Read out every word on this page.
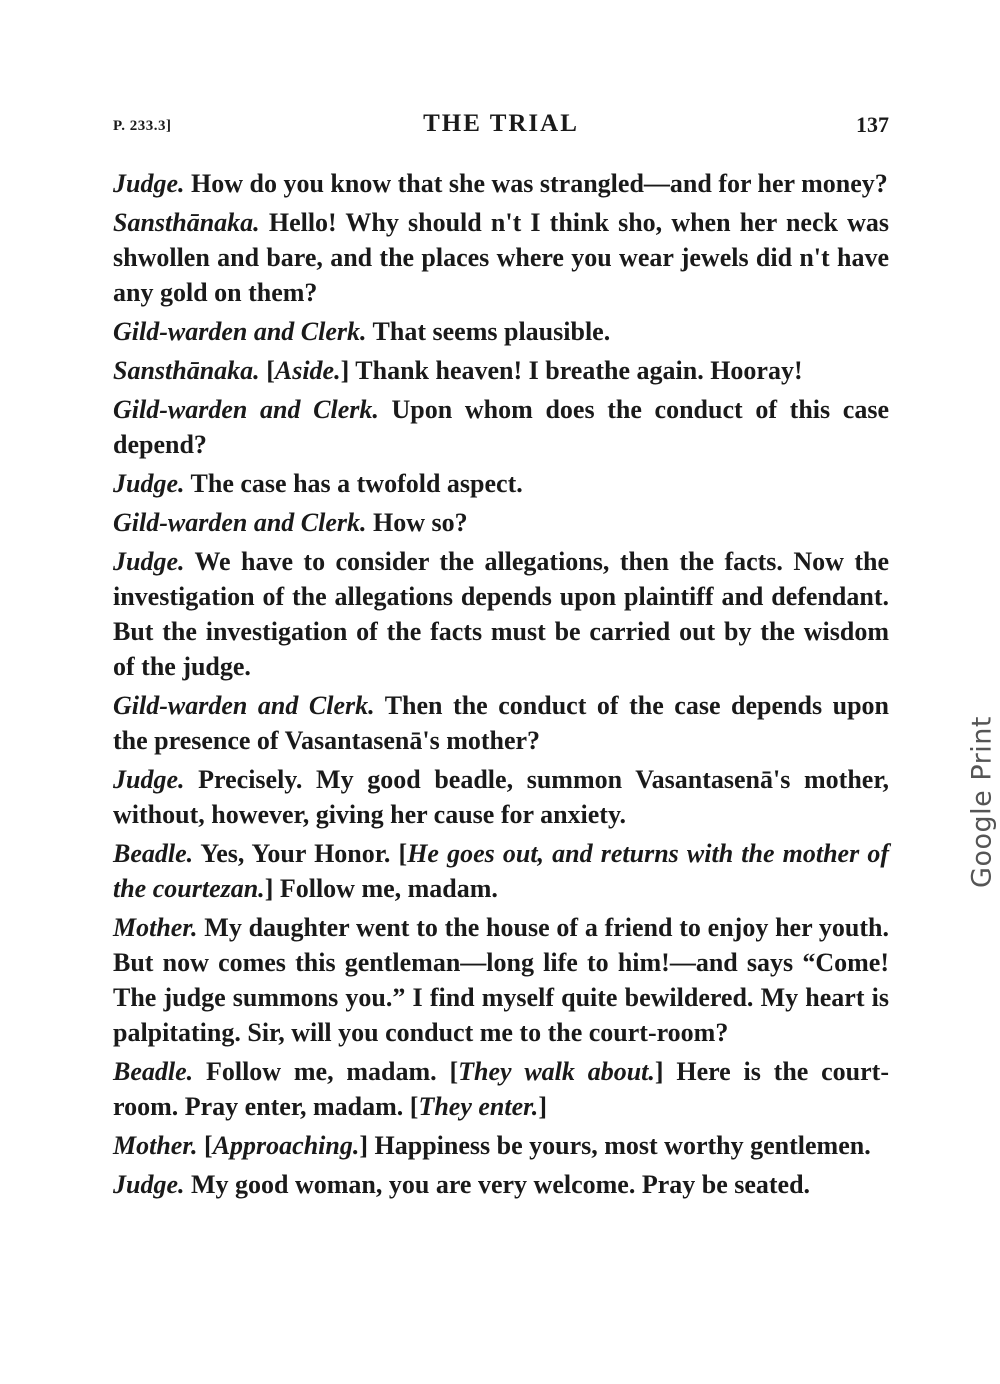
P. 233.3]	THE TRIAL	137

Judge. How do you know that she was strangled—and for her money?

Sansthānaka. Hello! Why should n't I think sho, when her neck was shwollen and bare, and the places where you wear jewels did n't have any gold on them?

Gild-warden and Clerk. That seems plausible.

Sansthānaka. [Aside.] Thank heaven! I breathe again. Hooray!

Gild-warden and Clerk. Upon whom does the conduct of this case depend?

Judge. The case has a twofold aspect.

Gild-warden and Clerk. How so?

Judge. We have to consider the allegations, then the facts. Now the investigation of the allegations depends upon plaintiff and defendant. But the investigation of the facts must be carried out by the wisdom of the judge.

Gild-warden and Clerk. Then the conduct of the case depends upon the presence of Vasantasenā's mother?

Judge. Precisely. My good beadle, summon Vasantasenā's mother, without, however, giving her cause for anxiety.

Beadle. Yes, Your Honor. [He goes out, and returns with the mother of the courtezan.] Follow me, madam.

Mother. My daughter went to the house of a friend to enjoy her youth. But now comes this gentleman—long life to him!—and says “Come! The judge summons you.” I find myself quite bewildered. My heart is palpitating. Sir, will you conduct me to the court-room?

Beadle. Follow me, madam. [They walk about.] Here is the court-room. Pray enter, madam. [They enter.]

Mother. [Approaching.] Happiness be yours, most worthy gentlemen.

Judge. My good woman, you are very welcome. Pray be seated.

Google Print
